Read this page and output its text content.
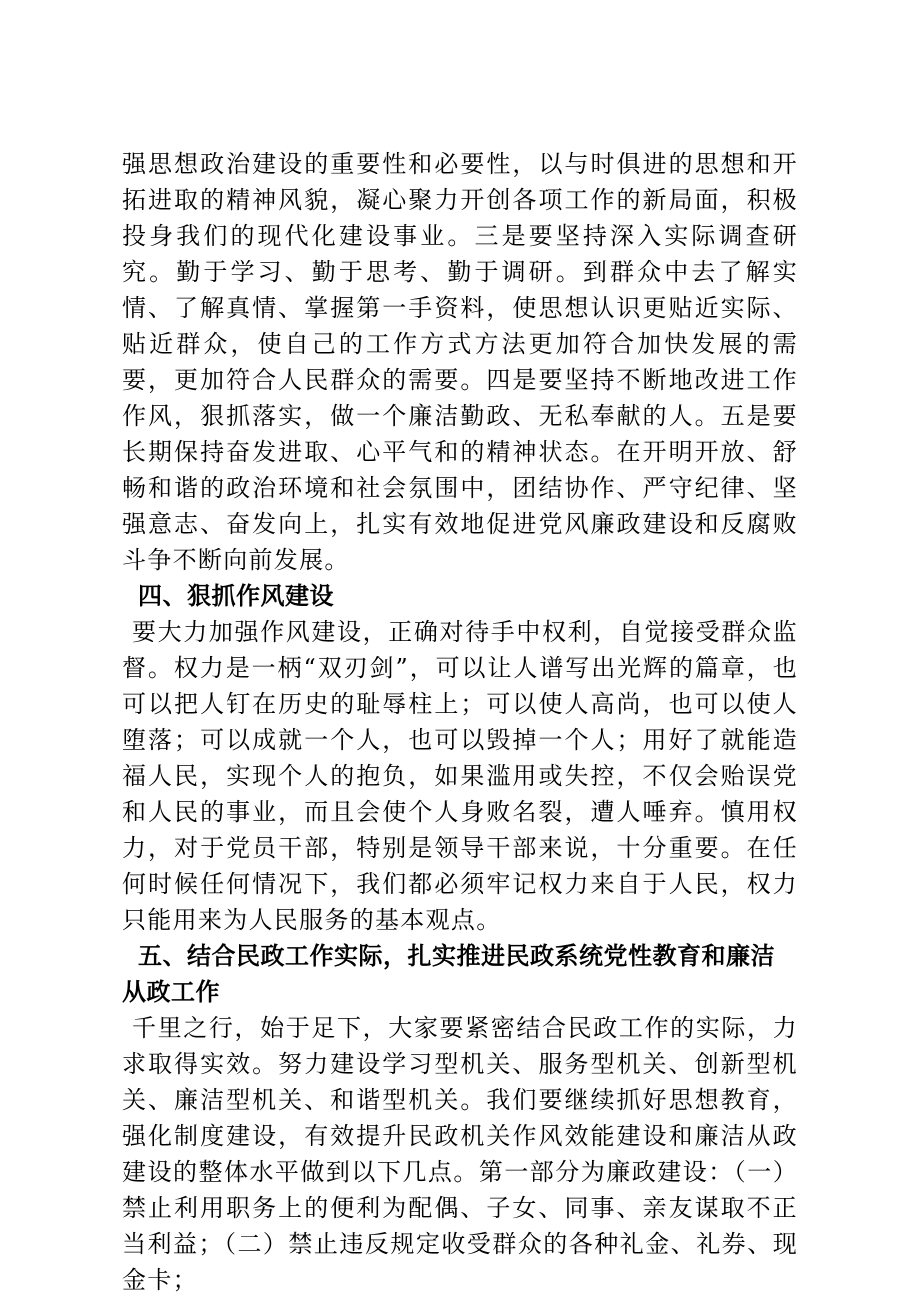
强思想政治建设的重要性和必要性，以与时俱进的思想和开拓进取的精神风貌，凝心聚力开创各项工作的新局面，积极投身我们的现代化建设事业。三是要坚持深入实际调查研究。勤于学习、勤于思考、勤于调研。到群众中去了解实情、了解真情、掌握第一手资料，使思想认识更贴近实际、贴近群众，使自己的工作方式方法更加符合加快发展的需要，更加符合人民群众的需要。四是要坚持不断地改进工作作风，狠抓落实，做一个廉洁勤政、无私奉献的人。五是要长期保持奋发进取、心平气和的精神状态。在开明开放、舒畅和谐的政治环境和社会氛围中，团结协作、严守纪律、坚强意志、奋发向上，扎实有效地促进党风廉政建设和反腐败斗争不断向前发展。

四、狠抓作风建设

要大力加强作风建设，正确对待手中权利，自觉接受群众监督。权力是一柄“双刃剑”，可以让人谱写出光辉的篇章，也可以把人钉在历史的耻辱柱上；可以使人高尚，也可以使人堕落；可以成就一个人，也可以毁掉一个人；用好了就能造福人民，实现个人的抱负，如果滥用或失控，不仅会贻误党和人民的事业，而且会使个人身败名裂，遭人唾弃。慎用权力，对于党员干部，特别是领导干部来说，十分重要。在任何时候任何情况下，我们都必须牢记权力来自于人民，权力只能用来为人民服务的基本观点。

五、结合民政工作实际，扎实推进民政系统党性教育和廉洁从政工作

千里之行，始于足下，大家要紧密结合民政工作的实际，力求取得实效。努力建设学习型机关、服务型机关、创新型机关、廉洁型机关、和谐型机关。我们要继续抓好思想教育，强化制度建设，有效提升民政机关作风效能建设和廉洁从政建设的整体水平做到以下几点。第一部分为廉政建设：（一）禁止利用职务上的便利为配偶、子女、同事、亲友谋取不正当利益；（二）禁止违反规定收受群众的各种礼金、礼券、现金卡；
